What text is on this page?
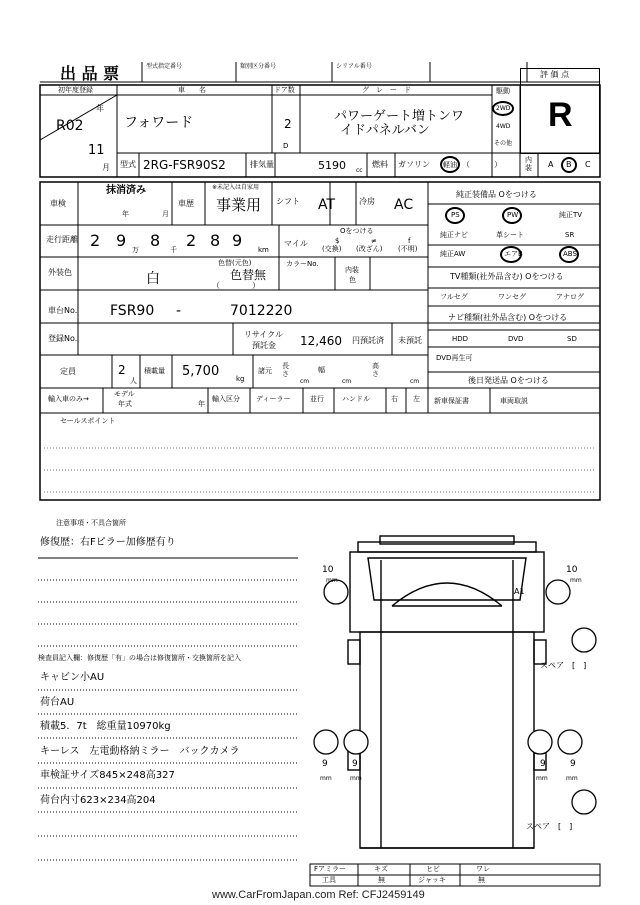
出 品 票	型式指定番号	類別区分番号	シリアル番号
評 価 点
R
初年度登録
R02
年
11
月
車　　名
フォワード
ドア数
2
D
グ　レ　ー　ド
パワーゲート増トンワ
イドパネルバン
駆動
2WD
4WD
その他
型式 2RG-FSR90S2	排気量	5190 cc
燃料 ガソリン 軽油 （　　　）	内装	A B C
車検
抹消済み
年	月
車歴
※未記入は自家用
事業用 シフト AT	冷房 AC
走行距離 2 9 万 8 千 2 8 9 km
マイル
Oをつける
$
(交換)
≠
(改ざん)
f
(不明)
外装色	白
色替(元色)
色替無
（　　　　）
カラーNo.
内装
色
車台No. FSR90 -	7012220
登録No.	リサイクル
預託金 12,460 円預託済 未預託
定員	2
人
積載量 5,700 kg
諸元
長さ
cm
幅
cm
高さ
cm
輸入車のみ→
モデル
年式	年
輸入区分 ディーラー	並行	ハンドル	右 左 新車保証書	車両取説
セールスポイント
純正装備品 Oをつける
PS	PW	純正TV
純正ナビ	革シート	SR
純正AW	エアB	ABS
TV種類(社外品含む) Oをつける
フルセグ	ワンセグ	アナログ
ナビ種類(社外品含む) Oをつける
HDD	DVD	SD
DVD再生可
後日発送品 Oをつける
注意事項・不具合箇所
修復歴：右Fピラー加修歴有り
検査員記入欄：修復歴「有」の場合は修復箇所・交換箇所を記入
キャビン小AU
荷台AU
積載5．7t　総重量10970kg
キーレス　左電動格納ミラー　バックカメラ
車検証サイズ845×248高327
荷台内寸623×234高204
A1
10
mm
10
mm
スペア [　]
9
mm
9
mm
9
mm
9
mm
スペア [　]
Fアミラー	キズ	ヒビ	ワレ
工具	無	ジャッキ	無
www.CarFromJapan.com Ref: CFJ2459149
